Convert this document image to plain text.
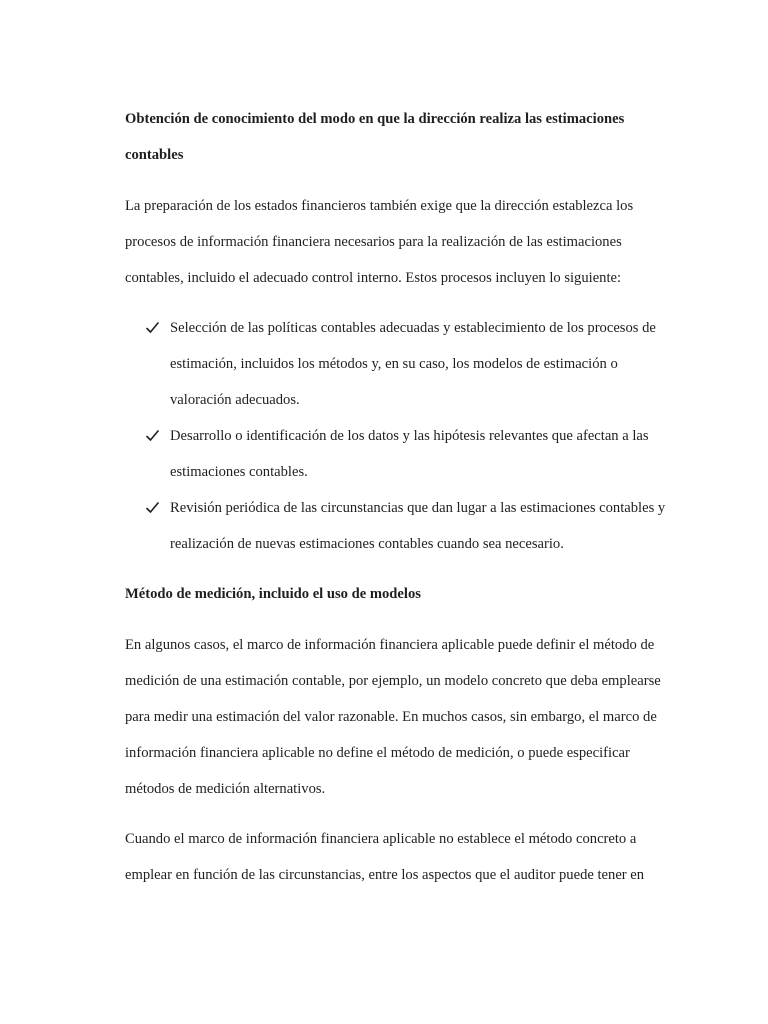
Obtención de conocimiento del modo en que la dirección realiza las estimaciones contables

La preparación de los estados financieros también exige que la dirección establezca los procesos de información financiera necesarios para la realización de las estimaciones contables, incluido el adecuado control interno. Estos procesos incluyen lo siguiente:

Selección de las políticas contables adecuadas y establecimiento de los procesos de estimación, incluidos los métodos y, en su caso, los modelos de estimación o valoración adecuados.
Desarrollo o identificación de los datos y las hipótesis relevantes que afectan a las estimaciones contables.
Revisión periódica de las circunstancias que dan lugar a las estimaciones contables y realización de nuevas estimaciones contables cuando sea necesario.

Método de medición, incluido el uso de modelos

En algunos casos, el marco de información financiera aplicable puede definir el método de medición de una estimación contable, por ejemplo, un modelo concreto que deba emplearse para medir una estimación del valor razonable. En muchos casos, sin embargo, el marco de información financiera aplicable no define el método de medición, o puede especificar métodos de medición alternativos.

Cuando el marco de información financiera aplicable no establece el método concreto a emplear en función de las circunstancias, entre los aspectos que el auditor puede tener en
